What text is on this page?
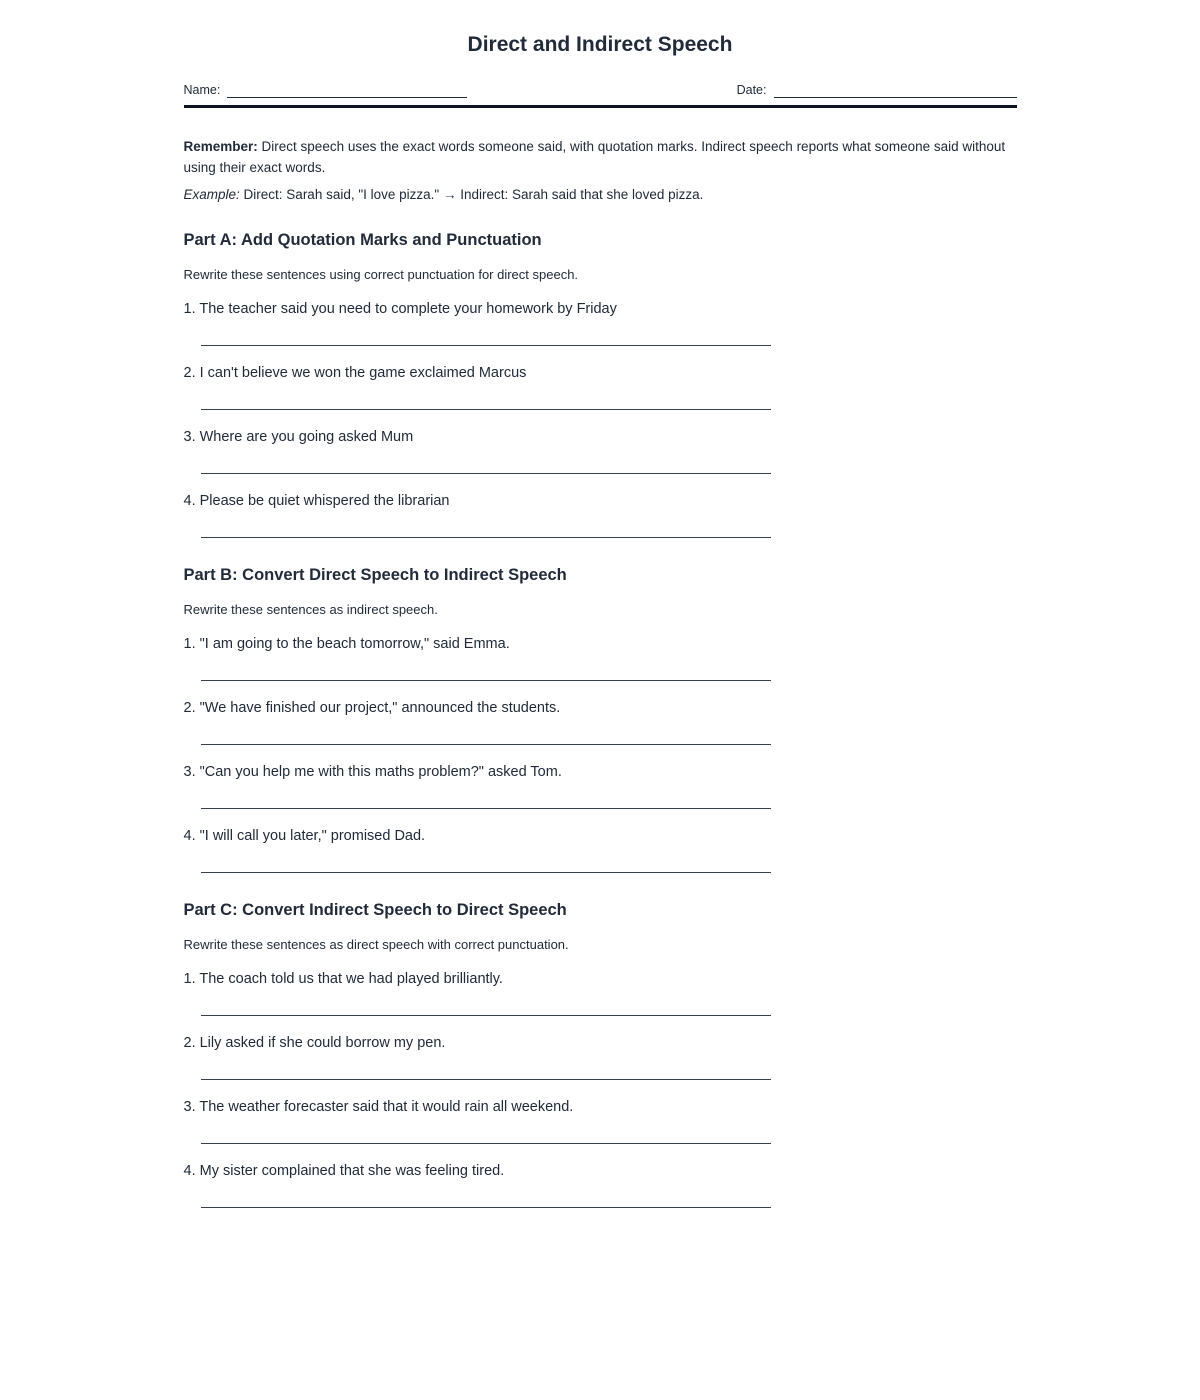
Direct and Indirect Speech
Name:	Date:

Remember: Direct speech uses the exact words someone said, with quotation marks. Indirect speech reports what someone said without using their exact words.

Example: Direct: Sarah said, "I love pizza." → Indirect: Sarah said that she loved pizza.

Part A: Add Quotation Marks and Punctuation

Rewrite these sentences using correct punctuation for direct speech.

1. The teacher said you need to complete your homework by Friday
2. I can't believe we won the game exclaimed Marcus
3. Where are you going asked Mum
4. Please be quiet whispered the librarian
Part B: Convert Direct Speech to Indirect Speech

Rewrite these sentences as indirect speech.

1. "I am going to the beach tomorrow," said Emma.
2. "We have finished our project," announced the students.
3. "Can you help me with this maths problem?" asked Tom.
4. "I will call you later," promised Dad.
Part C: Convert Indirect Speech to Direct Speech

Rewrite these sentences as direct speech with correct punctuation.

1. The coach told us that we had played brilliantly.
2. Lily asked if she could borrow my pen.
3. The weather forecaster said that it would rain all weekend.
4. My sister complained that she was feeling tired.
